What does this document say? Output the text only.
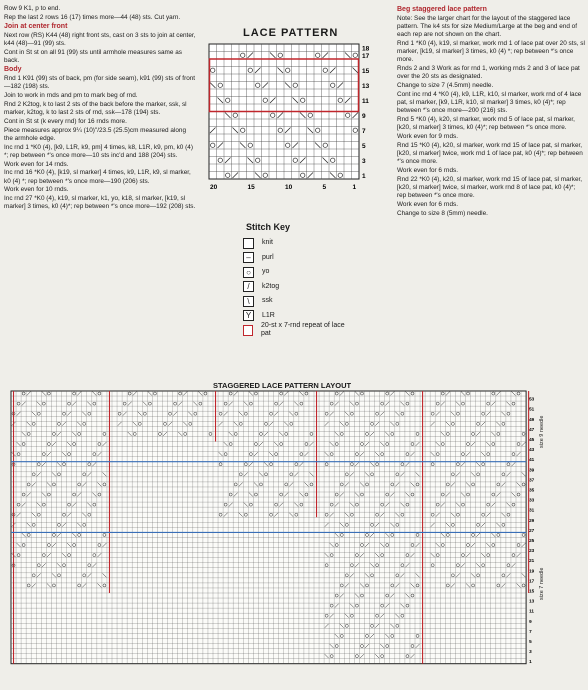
Row 9 K1, p to end.

Rep the last 2 rows 16 (17) times more—44 (48) sts. Cut yarn.

Join at center front

Next row (RS) K44 (48) right front sts, cast on 3 sts to join at center, k44 (48)—91 (99) sts.

Cont in St st on all 91 (99) sts until armhole measures same as back.

Body

Rnd 1 K91 (99) sts of back, pm (for side seam), k91 (99) sts of front—182 (198) sts.

Join to work in rnds and pm to mark beg of rnd.

Rnd 2 K2tog, k to last 2 sts of the back before the marker, ssk, sl marker, k2tog, k to last 2 sts of rnd, ssk—178 (194) sts.

Cont in St st (k every rnd) for 16 rnds more.

Piece measures approx 9¼ (10)"/23.5 (25.5)cm measured along the armhole edge.

Inc rnd 1 *K0 (4), [k9, L1R, k9, pm] 4 times, k8, L1R, k9, pm, k0 (4) *; rep between *'s once more—10 sts inc'd and 188 (204) sts.

Work even for 14 rnds.

Inc rnd 16 *K0 (4), [k19, sl marker] 4 times, k9, L1R, k9, sl marker, k0 (4) *; rep between *'s once more—190 (206) sts.

Work even for 10 rnds.

Inc rnd 27 *K0 (4), k19, sl marker, k1, yo, k18, sl marker, [k19, sl marker] 3 times, k0 (4)*; rep between *'s once more—192 (208) sts.

LACE PATTERN
18
17
15
13
11
9
7
5
3
1
20	15	10	5	1
Stitch Key
knit
–	purl
○	yo
/	k2tog
\	ssk
Y	L1R
20-st x 7-rnd repeat of lace pat

Beg staggered lace pattern

Note: See the larger chart for the layout of the staggered lace pattern. The k4 sts for size Medium/Large at the beg and end of each rep are not shown on the chart.

Rnd 1 *K0 (4), k19, sl marker, work rnd 1 of lace pat over 20 sts, sl marker, [k19, sl marker] 3 times, k0 (4) *; rep between *'s once more.

Rnds 2 and 3 Work as for rnd 1, working rnds 2 and 3 of lace pat over the 20 sts as designated.

Change to size 7 (4.5mm) needle.

Cont inc rnd 4 *K0 (4), k9, L1R, k10, sl marker, work rnd of 4 lace pat, sl marker, [k9, L1R, k10, sl marker] 3 times, k0 (4)*; rep between *'s once more—200 (216) sts.

Rnd 5 *K0 (4), k20, sl marker, work rnd 5 of lace pat, sl marker, [k20, sl marker] 3 times, k0 (4)*; rep between *'s once more.

Work even for 9 rnds.

Rnd 15 *K0 (4), k20, sl marker, work rnd 15 of lace pat, sl marker, [k20, sl marker] twice, work rnd 1 of lace pat, k0 (4)*; rep between *'s once more.

Work even for 6 rnds.

Rnd 22 *K0 (4), k20, sl marker, work rnd 15 of lace pat, sl marker, [k20, sl marker] twice, sl marker, work rnd 8 of lace pat, k0 (4)*; rep between *'s once more.

Work even for 6 rnds.

Change to size 8 (5mm) needle.

STAGGERED LACE PATTERN LAYOUT
53
51
49
47
45
43
41
39
37
35
33
31
29
27
25
23
21
19
17
15
13
11
9
7
5
3
1
size 9 needle
size 7 needle
